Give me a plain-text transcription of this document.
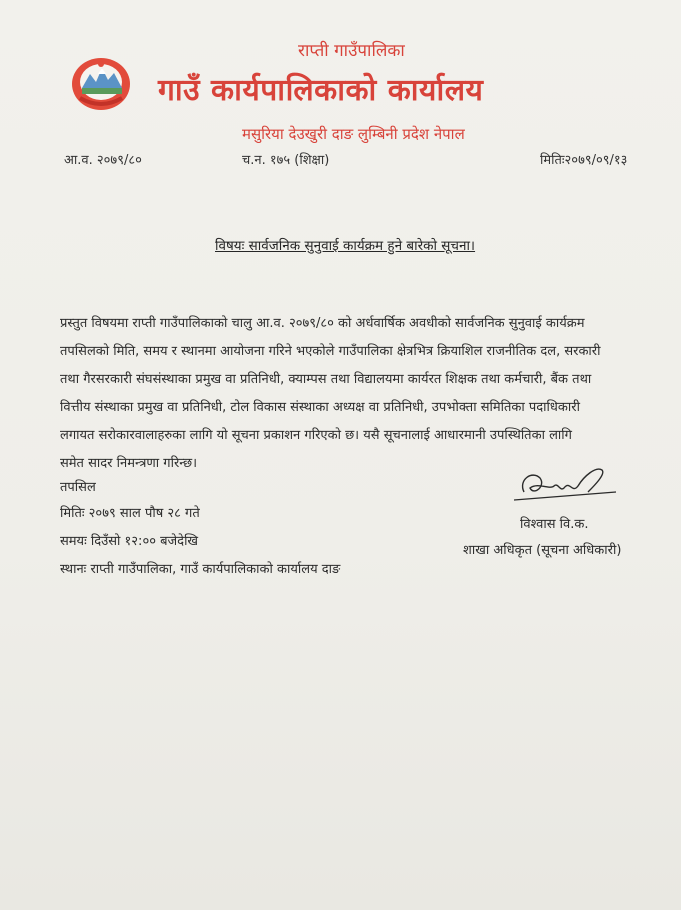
राप्ती गाउँपालिका
गाउँ कार्यपालिकाको कार्यालय
मसुरिया देउखुरी दाङ लुम्बिनी प्रदेश नेपाल
आ.व. २०७९/८०	च.न. १७५ (शिक्षा)	मितिः२०७९/०९/१३
विषयः सार्वजनिक सुनुवाई कार्यक्रम हुने बारेको सूचना।
प्रस्तुत विषयमा राप्ती गाउँपालिकाको चालु आ.व. २०७९/८० को अर्धवार्षिक अवधीको सार्वजनिक सुनुवाई कार्यक्रम
तपसिलको मिति, समय र स्थानमा आयोजना गरिने भएकोले गाउँपालिका क्षेत्रभित्र क्रियाशिल राजनीतिक दल, सरकारी
तथा गैरसरकारी संघसंस्थाका प्रमुख वा प्रतिनिधी, क्याम्पस तथा विद्यालयमा कार्यरत शिक्षक तथा कर्मचारी, बैंक तथा
वित्तीय संस्थाका प्रमुख वा प्रतिनिधी, टोल विकास संस्थाका अध्यक्ष वा प्रतिनिधी, उपभोक्ता समितिका पदाधिकारी
लगायत सरोकारवालाहरुका लागि यो सूचना प्रकाशन गरिएको छ। यसै सूचनालाई आधारमानी उपस्थितिका लागि
समेत सादर निमन्त्रणा गरिन्छ।
तपसिल
मितिः २०७९ साल पौष २८ गते
समयः दिउँसो १२:०० बजेदेखि
स्थानः राप्ती गाउँपालिका, गाउँ कार्यपालिकाको कार्यालय दाङ
विश्वास वि.क.
शाखा अधिकृत (सूचना अधिकारी)
